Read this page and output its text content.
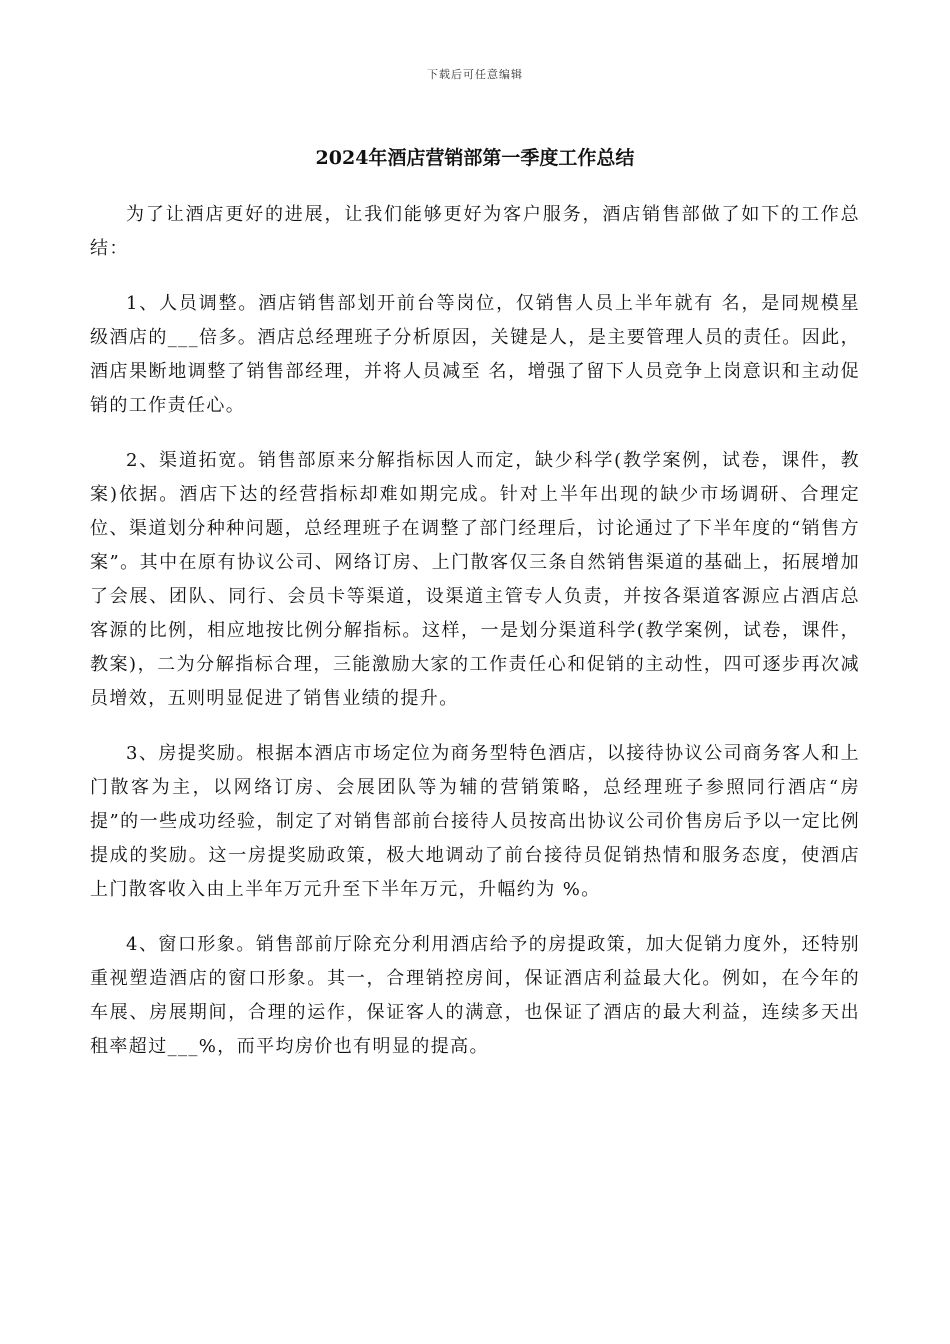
下载后可任意编辑
2024年酒店营销部第一季度工作总结

为了让酒店更好的进展，让我们能够更好为客户服务，酒店销售部做了如下的工作总结：

1、人员调整。酒店销售部划开前台等岗位，仅销售人员上半年就有 名，是同规模星级酒店的___倍多。酒店总经理班子分析原因，关键是人，是主要管理人员的责任。因此，酒店果断地调整了销售部经理，并将人员减至 名，增强了留下人员竞争上岗意识和主动促销的工作责任心。

2、渠道拓宽。销售部原来分解指标因人而定，缺少科学(教学案例，试卷，课件，教案)依据。酒店下达的经营指标却难如期完成。针对上半年出现的缺少市场调研、合理定位、渠道划分种种问题，总经理班子在调整了部门经理后，讨论通过了下半年度的“销售方案”。其中在原有协议公司、网络订房、上门散客仅三条自然销售渠道的基础上，拓展增加了会展、团队、同行、会员卡等渠道，设渠道主管专人负责，并按各渠道客源应占酒店总客源的比例，相应地按比例分解指标。这样，一是划分渠道科学(教学案例，试卷，课件，教案)，二为分解指标合理，三能激励大家的工作责任心和促销的主动性，四可逐步再次减员增效，五则明显促进了销售业绩的提升。

3、房提奖励。根据本酒店市场定位为商务型特色酒店，以接待协议公司商务客人和上门散客为主，以网络订房、会展团队等为辅的营销策略，总经理班子参照同行酒店“房提”的一些成功经验，制定了对销售部前台接待人员按高出协议公司价售房后予以一定比例提成的奖励。这一房提奖励政策，极大地调动了前台接待员促销热情和服务态度，使酒店上门散客收入由上半年万元升至下半年万元，升幅约为 %。

4、窗口形象。销售部前厅除充分利用酒店给予的房提政策，加大促销力度外，还特别重视塑造酒店的窗口形象。其一，合理销控房间，保证酒店利益最大化。例如，在今年的车展、房展期间，合理的运作，保证客人的满意，也保证了酒店的最大利益，连续多天出租率超过___%，而平均房价也有明显的提高。
